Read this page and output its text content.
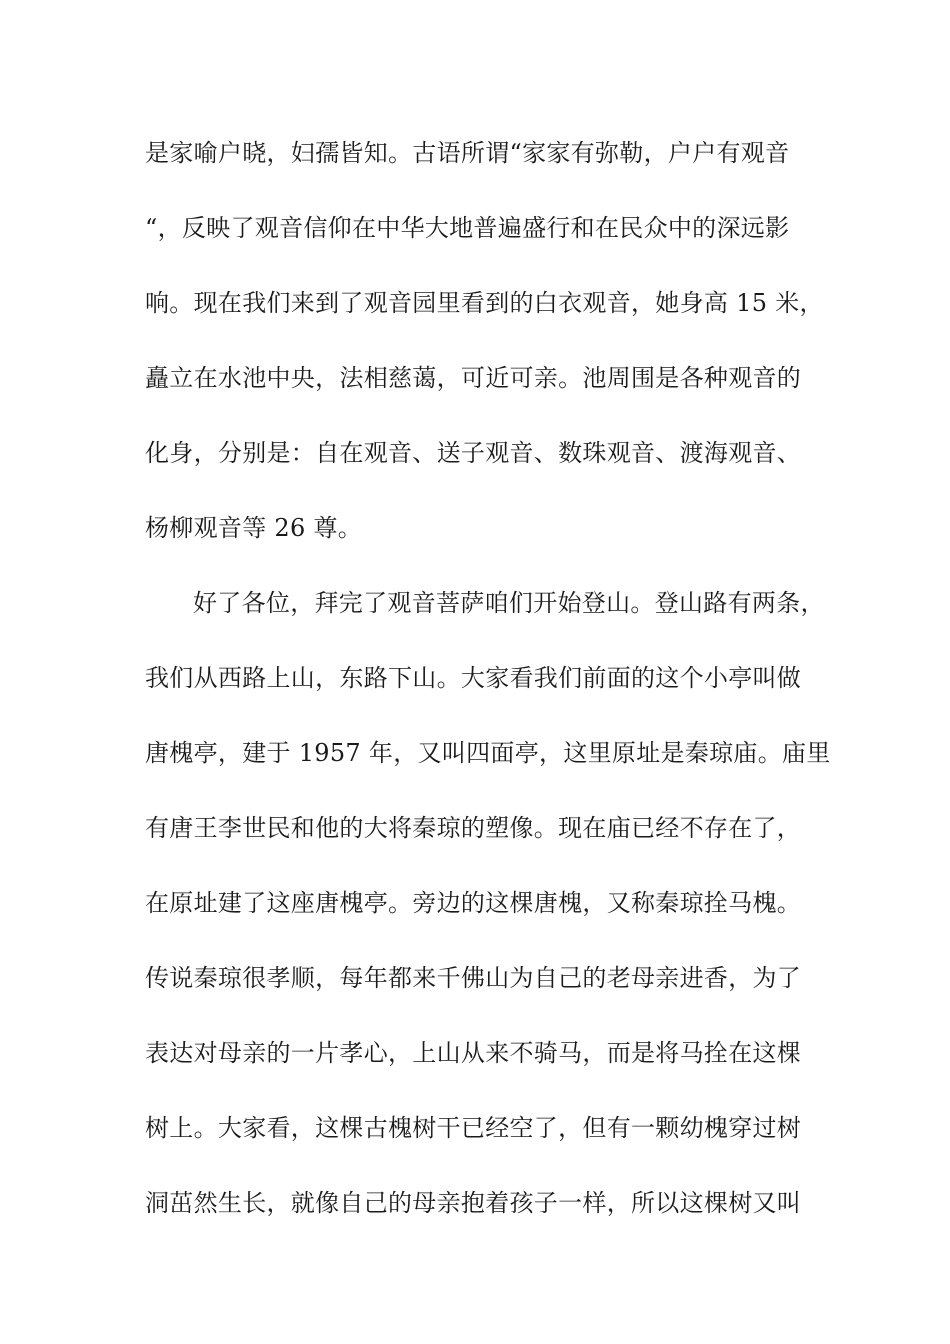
是家喻户晓，妇孺皆知。古语所谓“家家有弥勒，户户有观音
“，反映了观音信仰在中华大地普遍盛行和在民众中的深远影
响。现在我们来到了观音园里看到的白衣观音，她身高 15 米，
矗立在水池中央，法相慈蔼，可近可亲。池周围是各种观音的
化身，分别是：自在观音、送子观音、数珠观音、渡海观音、
杨柳观音等 26 尊。
好了各位，拜完了观音菩萨咱们开始登山。登山路有两条，
我们从西路上山，东路下山。大家看我们前面的这个小亭叫做
唐槐亭，建于 1957 年，又叫四面亭，这里原址是秦琼庙。庙里
有唐王李世民和他的大将秦琼的塑像。现在庙已经不存在了，
在原址建了这座唐槐亭。旁边的这棵唐槐，又称秦琼拴马槐。
传说秦琼很孝顺，每年都来千佛山为自己的老母亲进香，为了
表达对母亲的一片孝心，上山从来不骑马，而是将马拴在这棵
树上。大家看，这棵古槐树干已经空了，但有一颗幼槐穿过树
洞茁然生长，就像自己的母亲抱着孩子一样，所以这棵树又叫
